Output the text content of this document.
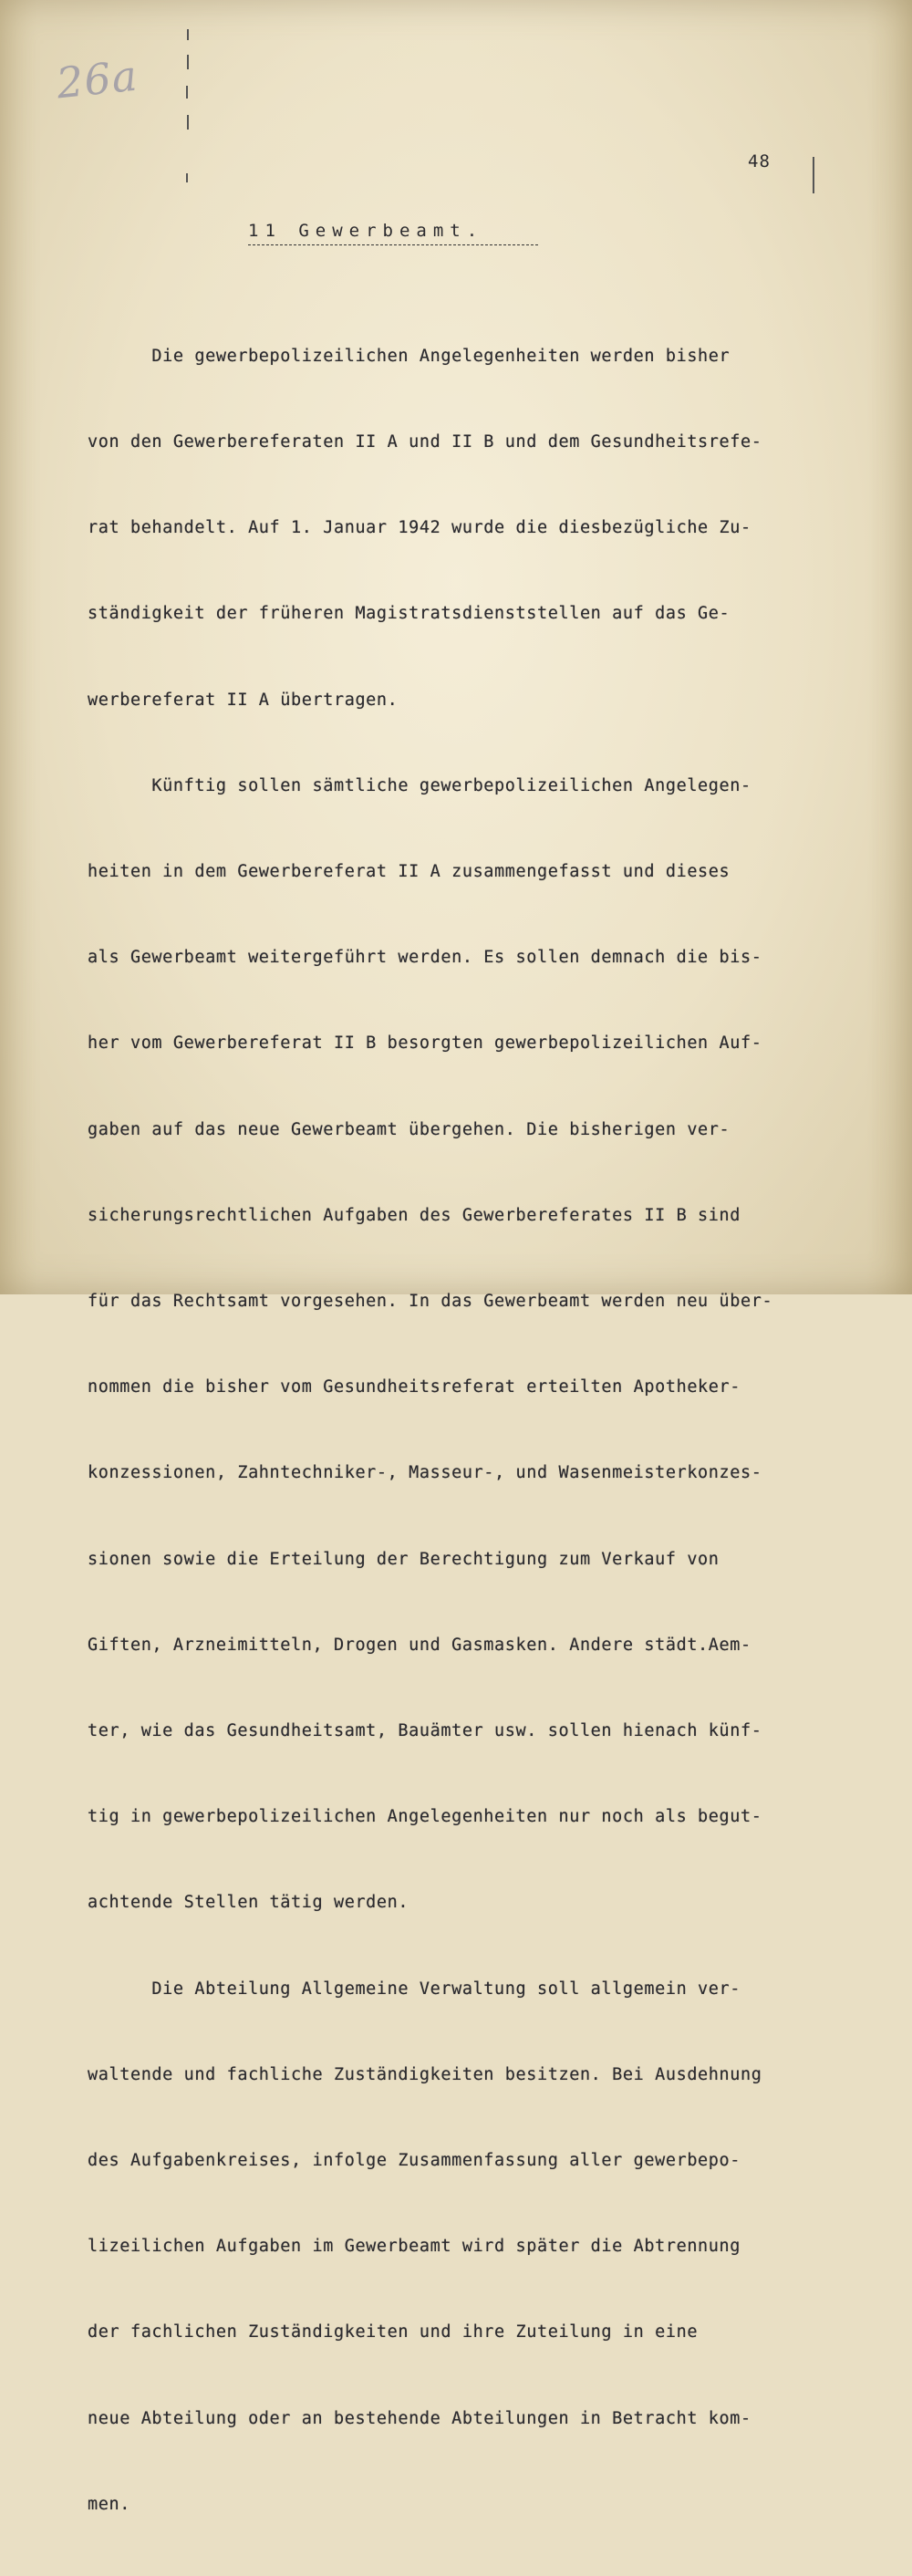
26a
48
11 Gewerbeamt.

Die gewerbepolizeilichen Angelegenheiten werden bisher

von den Gewerbereferaten II A und II B und dem Gesundheitsrefe-

rat behandelt. Auf 1. Januar 1942 wurde die diesbezügliche Zu-

ständigkeit der früheren Magistratsdienststellen auf das Ge-

werbereferat II A übertragen.

Künftig sollen sämtliche gewerbepolizeilichen Angelegen-

heiten in dem Gewerbereferat II A zusammengefasst und dieses

als Gewerbeamt weitergeführt werden. Es sollen demnach die bis-

her vom Gewerbereferat II B besorgten gewerbepolizeilichen Auf-

gaben auf das neue Gewerbeamt übergehen. Die bisherigen ver-

sicherungsrechtlichen Aufgaben des Gewerbereferates II B sind

für das Rechtsamt vorgesehen. In das Gewerbeamt werden neu über-

nommen die bisher vom Gesundheitsreferat erteilten Apotheker-

konzessionen, Zahntechniker-, Masseur-, und Wasenmeisterkonzes-

sionen sowie die Erteilung der Berechtigung zum Verkauf von

Giften, Arzneimitteln, Drogen und Gasmasken. Andere städt.Aem-

ter, wie das Gesundheitsamt, Bauämter usw. sollen hienach künf-

tig in gewerbepolizeilichen Angelegenheiten nur noch als begut-

achtende Stellen tätig werden.

Die Abteilung Allgemeine Verwaltung soll allgemein ver-

waltende und fachliche Zuständigkeiten besitzen. Bei Ausdehnung

des Aufgabenkreises, infolge Zusammenfassung aller gewerbepo-

lizeilichen Aufgaben im Gewerbeamt wird später die Abtrennung

der fachlichen Zuständigkeiten und ihre Zuteilung in eine

neue Abteilung oder an bestehende Abteilungen in Betracht kom-

men.
